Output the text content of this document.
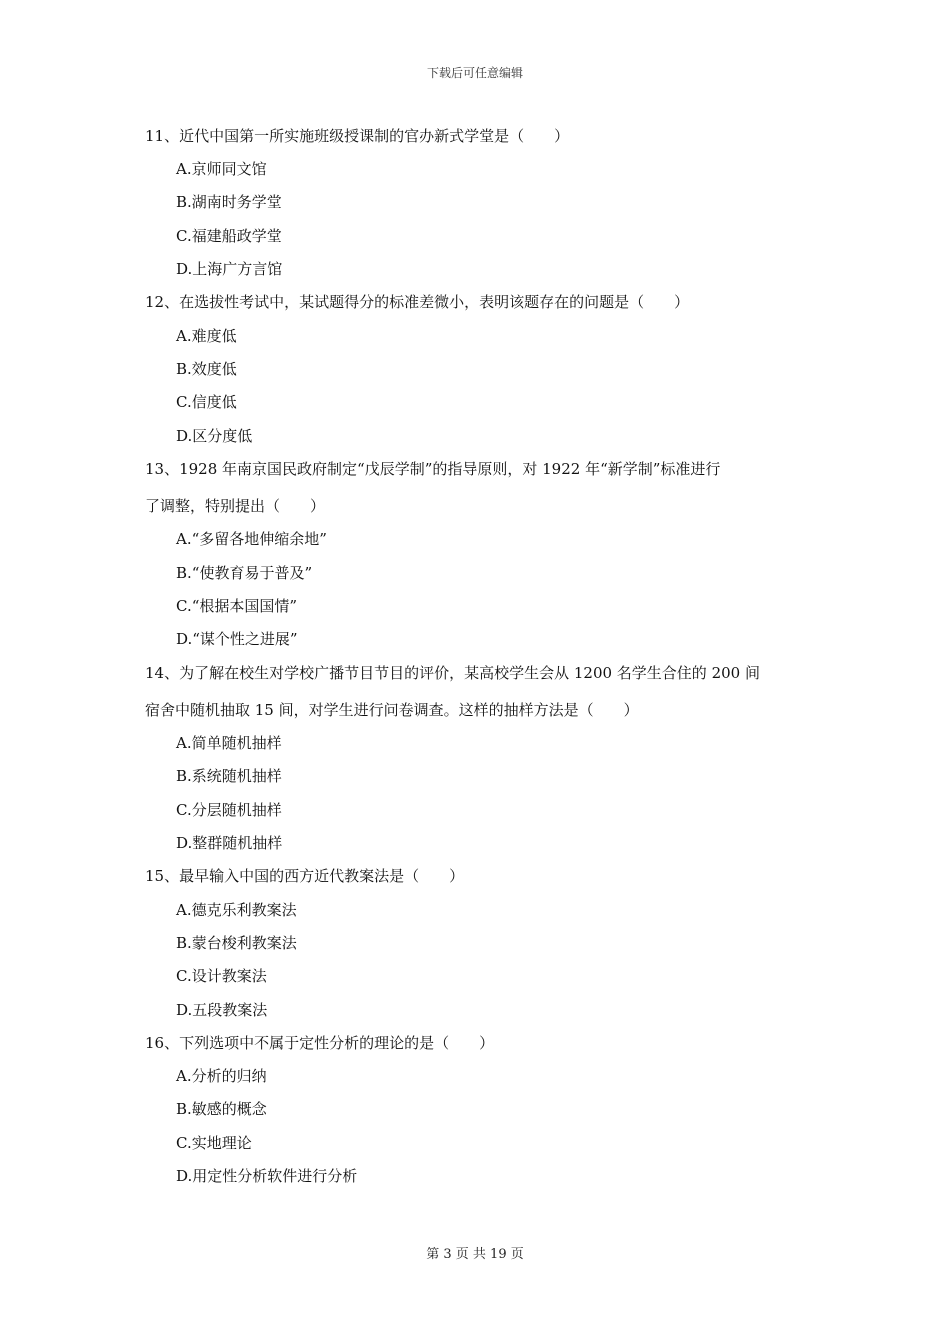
下载后可任意编辑
11、近代中国第一所实施班级授课制的官办新式学堂是（　　）
A.京师同文馆
B.湖南时务学堂
C.福建船政学堂
D.上海广方言馆
12、在选拔性考试中，某试题得分的标准差微小，表明该题存在的问题是（　　）
A.难度低
B.效度低
C.信度低
D.区分度低
13、1928 年南京国民政府制定“戊辰学制”的指导原则，对 1922 年“新学制”标准进行
了调整，特别提出（　　）
A.“多留各地伸缩余地”
B.“使教育易于普及”
C.“根据本国国情”
D.“谋个性之进展”
14、为了解在校生对学校广播节目节目的评价，某高校学生会从 1200 名学生合住的 200 间
宿舍中随机抽取 15 间，对学生进行问卷调查。这样的抽样方法是（　　）
A.简单随机抽样
B.系统随机抽样
C.分层随机抽样
D.整群随机抽样
15、最早输入中国的西方近代教案法是（　　）
A.德克乐利教案法
B.蒙台梭利教案法
C.设计教案法
D.五段教案法
16、下列选项中不属于定性分析的理论的是（　　）
A.分析的归纳
B.敏感的概念
C.实地理论
D.用定性分析软件进行分析
第 3 页 共 19 页
